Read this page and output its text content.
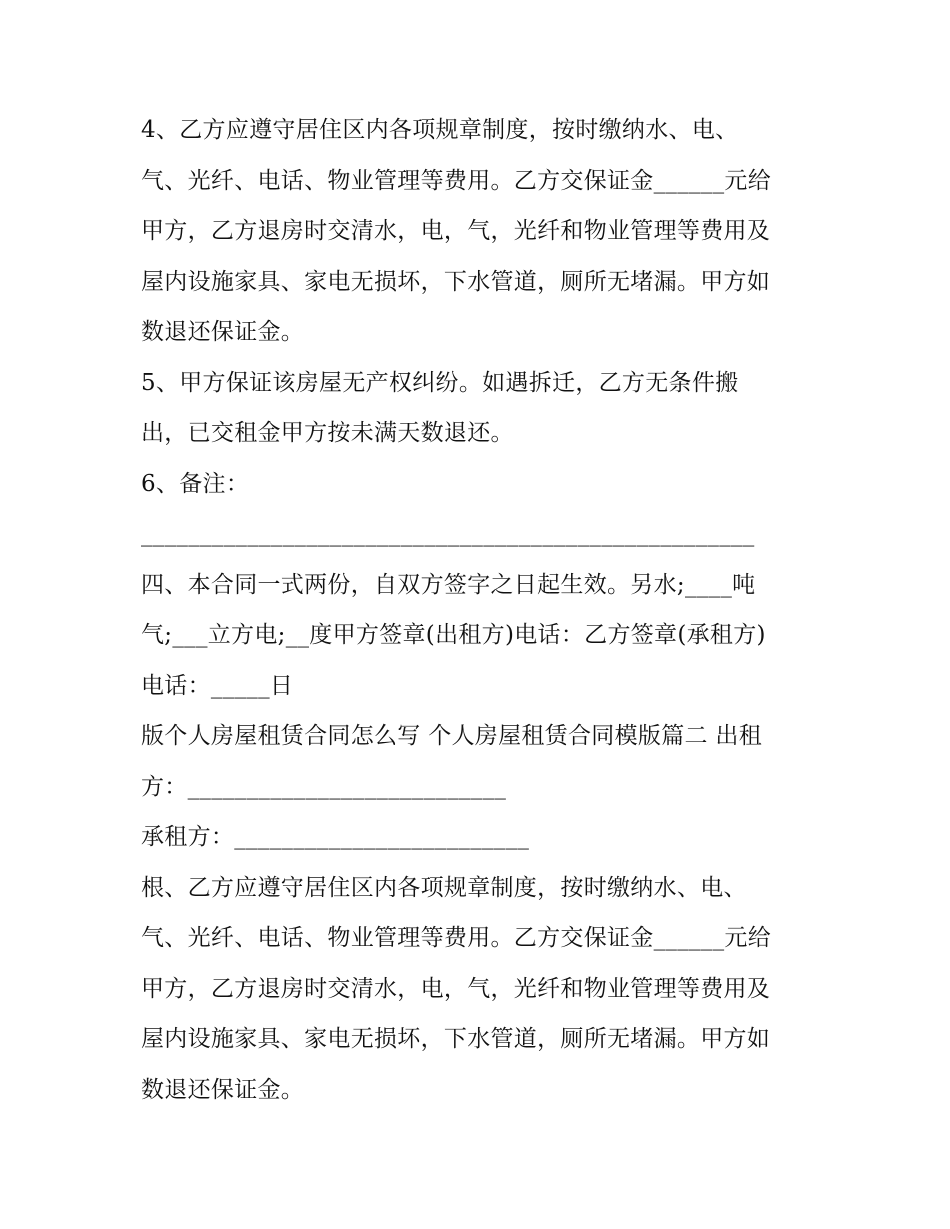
4、乙方应遵守居住区内各项规章制度，按时缴纳水、电、

气、光纤、电话、物业管理等费用。乙方交保证金______元给

甲方，乙方退房时交清水，电，气，光纤和物业管理等费用及

屋内设施家具、家电无损坏，下水管道，厕所无堵漏。甲方如

数退还保证金。

5、甲方保证该房屋无产权纠纷。如遇拆迁，乙方无条件搬

出，已交租金甲方按未满天数退还。

6、备注：

____________________________________________________

四、本合同一式两份，自双方签字之日起生效。另水;____吨

气;___立方电;__度甲方签章(出租方)电话：乙方签章(承租方)

电话：_____日

版个人房屋租赁合同怎么写 个人房屋租赁合同模版篇二 出租

方：___________________________

承租方：_________________________

根、乙方应遵守居住区内各项规章制度，按时缴纳水、电、

气、光纤、电话、物业管理等费用。乙方交保证金______元给

甲方，乙方退房时交清水，电，气，光纤和物业管理等费用及

屋内设施家具、家电无损坏，下水管道，厕所无堵漏。甲方如

数退还保证金。
